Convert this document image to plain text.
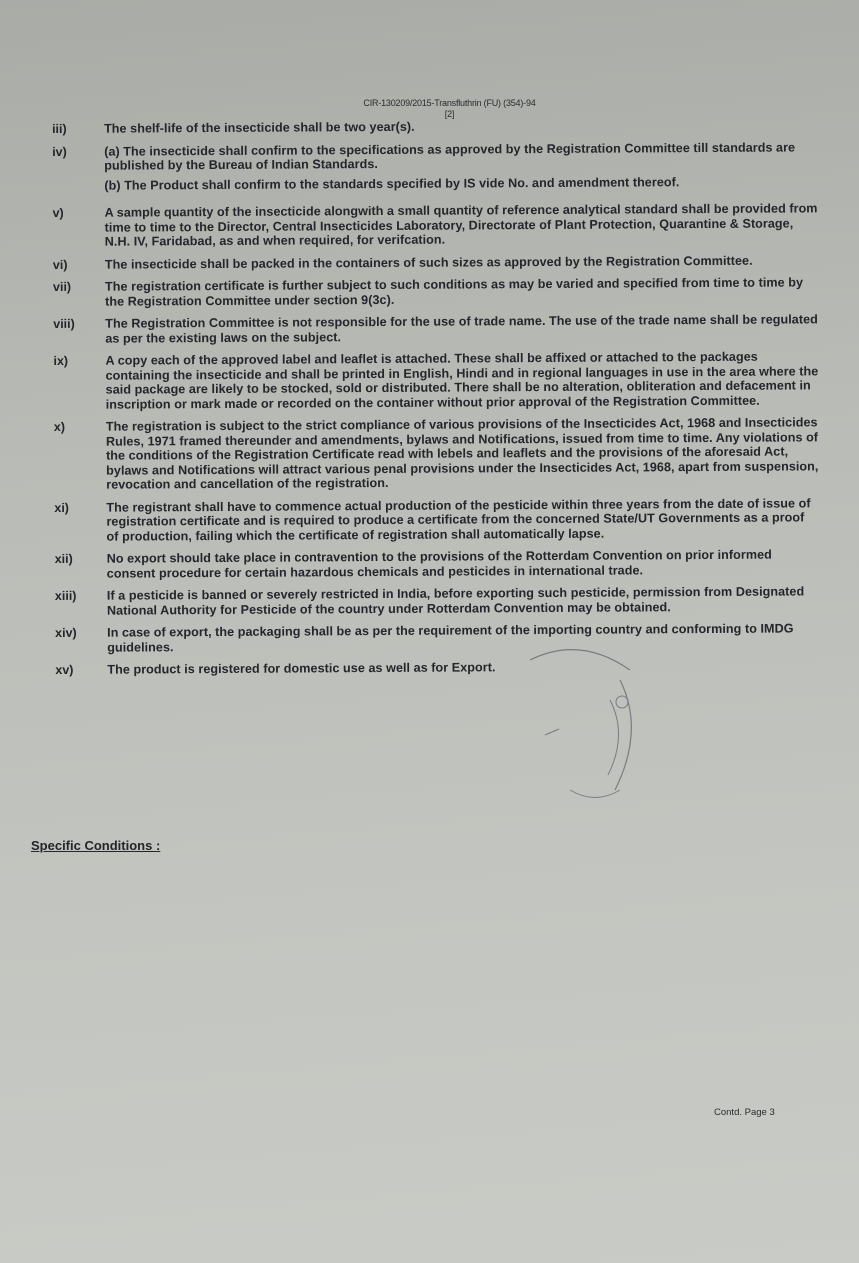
CIR-130209/2015-Transfluthrin (FU) (354)-94
[2]
iii)	The shelf-life of the insecticide shall be two year(s).
iv)	(a) The insecticide shall confirm to the specifications as approved by the Registration Committee till standards are published by the Bureau of Indian Standards.
(b) The Product shall confirm to the standards specified by IS vide No. and amendment thereof.
v)	A sample quantity of the insecticide alongwith a small quantity of reference analytical standard shall be provided from time to time to the Director, Central Insecticides Laboratory, Directorate of Plant Protection, Quarantine & Storage, N.H. IV, Faridabad, as and when required, for verifcation.
vi)	The insecticide shall be packed in the containers of such sizes as approved by the Registration Committee.
vii)	The registration certificate is further subject to such conditions as may be varied and specified from time to time by the Registration Committee under section 9(3c).
viii)	The Registration Committee is not responsible for the use of trade name. The use of the trade name shall be regulated as per the existing laws on the subject.
ix)	A copy each of the approved label and leaflet is attached. These shall be affixed or attached to the packages containing the insecticide and shall be printed in English, Hindi and in regional languages in use in the area where the said package are likely to be stocked, sold or distributed. There shall be no alteration, obliteration and defacement in inscription or mark made or recorded on the container without prior approval of the Registration Committee.
x)	The registration is subject to the strict compliance of various provisions of the Insecticides Act, 1968 and Insecticides Rules, 1971 framed thereunder and amendments, bylaws and Notifications, issued from time to time. Any violations of the conditions of the Registration Certificate read with lebels and leaflets and the provisions of the aforesaid Act, bylaws and Notifications will attract various penal provisions under the Insecticides Act, 1968, apart from suspension, revocation and cancellation of the registration.
xi)	The registrant shall have to commence actual production of the pesticide within three years from the date of issue of registration certificate and is required to produce a certificate from the concerned State/UT Governments as a proof of production, failing which the certificate of registration shall automatically lapse.
xii)	No export should take place in contravention to the provisions of the Rotterdam Convention on prior informed consent procedure for certain hazardous chemicals and pesticides in international trade.
xiii)	If a pesticide is banned or severely restricted in India, before exporting such pesticide, permission from Designated National Authority for Pesticide of the country under Rotterdam Convention may be obtained.
xiv)	In case of export, the packaging shall be as per the requirement of the importing country and conforming to IMDG guidelines.
xv)	The product is registered for domestic use as well as for Export.
Specific Conditions :
Contd. Page 3
